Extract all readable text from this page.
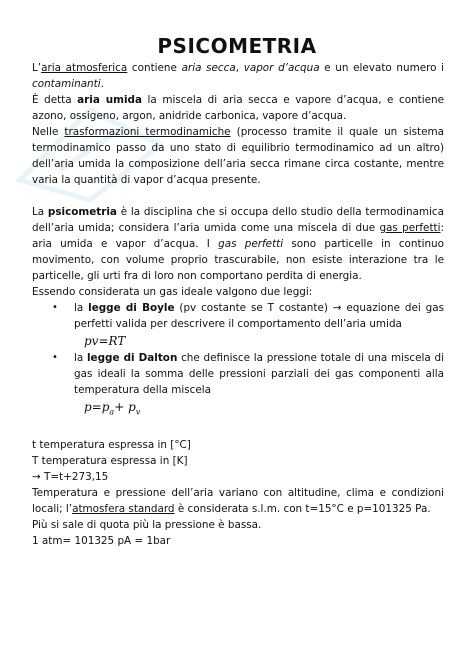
PSICOMETRIA

L’aria atmosferica contiene aria secca, vapor d’acqua e un elevato numero i contaminanti.

È detta aria umida la miscela di aria secca e vapore d’acqua, e contiene azono, ossigeno, argon, anidride carbonica, vapore d’acqua.

Nelle trasformazioni termodinamiche (processo tramite il quale un sistema termodinamico passo da uno stato di equilibrio termodinamico ad un altro) dell’aria umida la composizione dell’aria secca rimane circa costante, mentre varia la quantità di vapor d’acqua presente.

La psicometria è la disciplina che si occupa dello studio della termodinamica dell’aria umida; considera l’aria umida come una miscela di due gas perfetti: aria umida e vapor d’acqua. I gas perfetti sono particelle in continuo movimento, con volume proprio trascurabile, non esiste interazione tra le particelle, gli urti fra di loro non comportano perdita di energia.

Essendo considerata un gas ideale valgono due leggi:

• la legge di Boyle (pv costante se T costante) → equazione dei gas perfetti valida per descrivere il comportamento dell’aria umida
pv=RT
• la legge di Dalton che definisce la pressione totale di una miscela di gas ideali la somma delle pressioni parziali dei gas componenti alla temperatura della miscela
$p=p_a+ p_v$

t temperatura espressa in [°C]

T temperatura espressa in [K]

→ T=t+273,15

Temperatura e pressione dell’aria variano con altitudine, clima e condizioni locali; l’atmosfera standard è considerata s.l.m. con t=15°C e p=101325 Pa.

Più si sale di quota più la pressione è bassa.

1 atm= 101325 pA = 1bar
